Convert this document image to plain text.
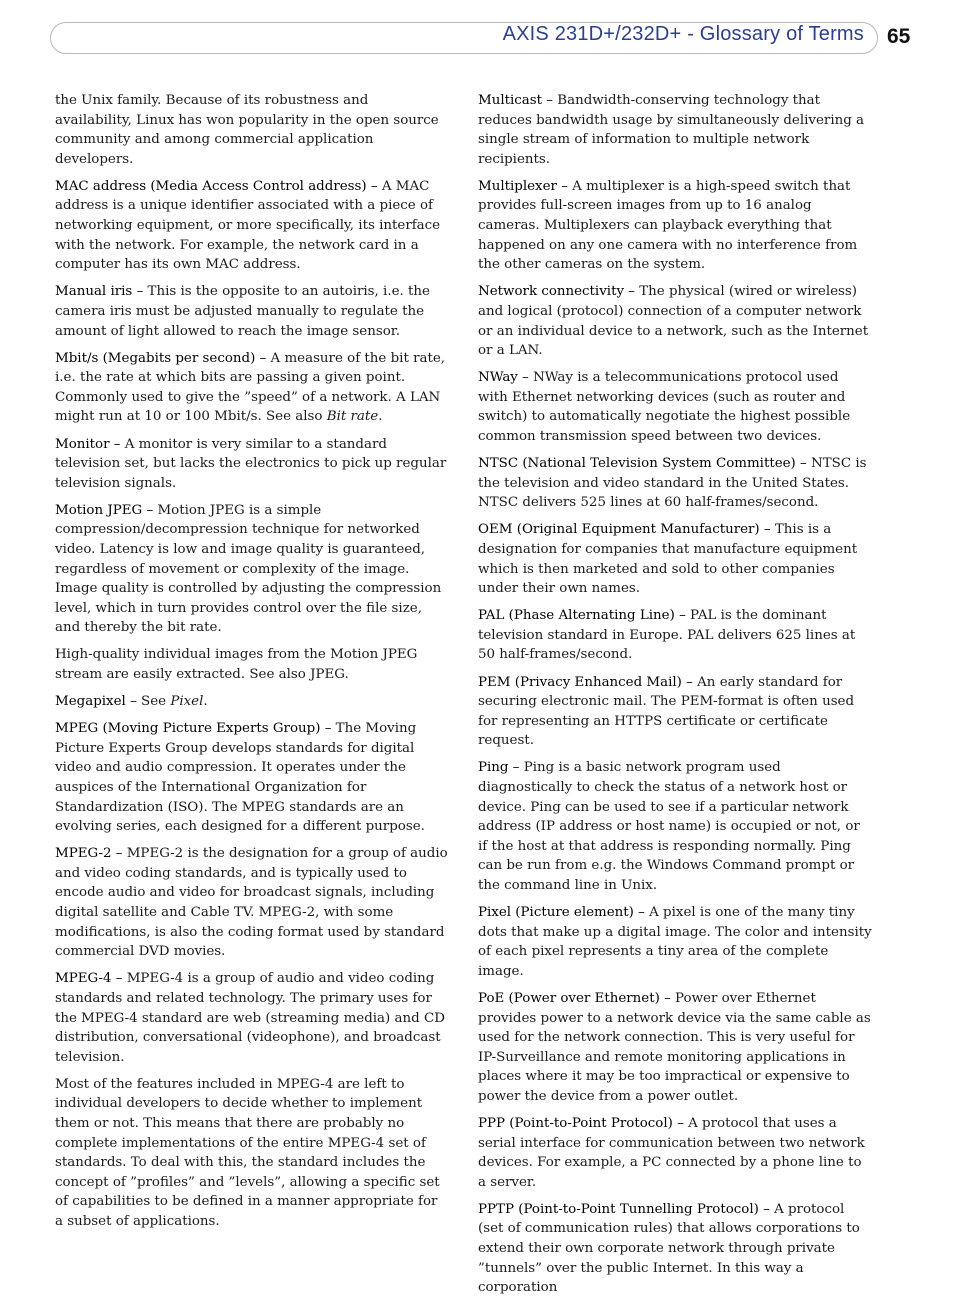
AXIS 231D+/232D+ - Glossary of Terms 65

the Unix family. Because of its robustness and availability, Linux has won popularity in the open source community and among commercial application developers.

MAC address (Media Access Control address) – A MAC address is a unique identifier associated with a piece of networking equipment, or more specifically, its interface with the network. For example, the network card in a computer has its own MAC address.

Manual iris – This is the opposite to an autoiris, i.e. the camera iris must be adjusted manually to regulate the amount of light allowed to reach the image sensor.

Mbit/s (Megabits per second) – A measure of the bit rate, i.e. the rate at which bits are passing a given point. Commonly used to give the ”speed” of a network. A LAN might run at 10 or 100 Mbit/s. See also Bit rate.

Monitor – A monitor is very similar to a standard television set, but lacks the electronics to pick up regular television signals.

Motion JPEG – Motion JPEG is a simple compression/decompression technique for networked video. Latency is low and image quality is guaranteed, regardless of movement or complexity of the image. Image quality is controlled by adjusting the compression level, which in turn provides control over the file size, and thereby the bit rate.

High-quality individual images from the Motion JPEG stream are easily extracted. See also JPEG.

Megapixel – See Pixel.

MPEG (Moving Picture Experts Group) – The Moving Picture Experts Group develops standards for digital video and audio compression. It operates under the auspices of the International Organization for Standardization (ISO). The MPEG standards are an evolving series, each designed for a different purpose.

MPEG-2 – MPEG-2 is the designation for a group of audio and video coding standards, and is typically used to encode audio and video for broadcast signals, including digital satellite and Cable TV. MPEG-2, with some modifications, is also the coding format used by standard commercial DVD movies.

MPEG-4 – MPEG-4 is a group of audio and video coding standards and related technology. The primary uses for the MPEG-4 standard are web (streaming media) and CD distribution, conversational (videophone), and broadcast television.

Most of the features included in MPEG-4 are left to individual developers to decide whether to implement them or not. This means that there are probably no complete implementations of the entire MPEG-4 set of standards. To deal with this, the standard includes the concept of ”profiles” and ”levels”, allowing a specific set of capabilities to be defined in a manner appropriate for a subset of applications.

Multicast – Bandwidth-conserving technology that reduces bandwidth usage by simultaneously delivering a single stream of information to multiple network recipients.

Multiplexer – A multiplexer is a high-speed switch that provides full-screen images from up to 16 analog cameras. Multiplexers can playback everything that happened on any one camera with no interference from the other cameras on the system.

Network connectivity – The physical (wired or wireless) and logical (protocol) connection of a computer network or an individual device to a network, such as the Internet or a LAN.

NWay – NWay is a telecommunications protocol used with Ethernet networking devices (such as router and switch) to automatically negotiate the highest possible common transmission speed between two devices.

NTSC (National Television System Committee) – NTSC is the television and video standard in the United States. NTSC delivers 525 lines at 60 half-frames/second.

OEM (Original Equipment Manufacturer) – This is a designation for companies that manufacture equipment which is then marketed and sold to other companies under their own names.

PAL (Phase Alternating Line) – PAL is the dominant television standard in Europe. PAL delivers 625 lines at 50 half-frames/second.

PEM (Privacy Enhanced Mail) – An early standard for securing electronic mail. The PEM-format is often used for representing an HTTPS certificate or certificate request.

Ping – Ping is a basic network program used diagnostically to check the status of a network host or device. Ping can be used to see if a particular network address (IP address or host name) is occupied or not, or if the host at that address is responding normally. Ping can be run from e.g. the Windows Command prompt or the command line in Unix.

Pixel (Picture element) – A pixel is one of the many tiny dots that make up a digital image. The color and intensity of each pixel represents a tiny area of the complete image.

PoE (Power over Ethernet) – Power over Ethernet provides power to a network device via the same cable as used for the network connection. This is very useful for IP-Surveillance and remote monitoring applications in places where it may be too impractical or expensive to power the device from a power outlet.

PPP (Point-to-Point Protocol) – A protocol that uses a serial interface for communication between two network devices. For example, a PC connected by a phone line to a server.

PPTP (Point-to-Point Tunnelling Protocol) – A protocol (set of communication rules) that allows corporations to extend their own corporate network through private ”tunnels” over the public Internet. In this way a corporation
